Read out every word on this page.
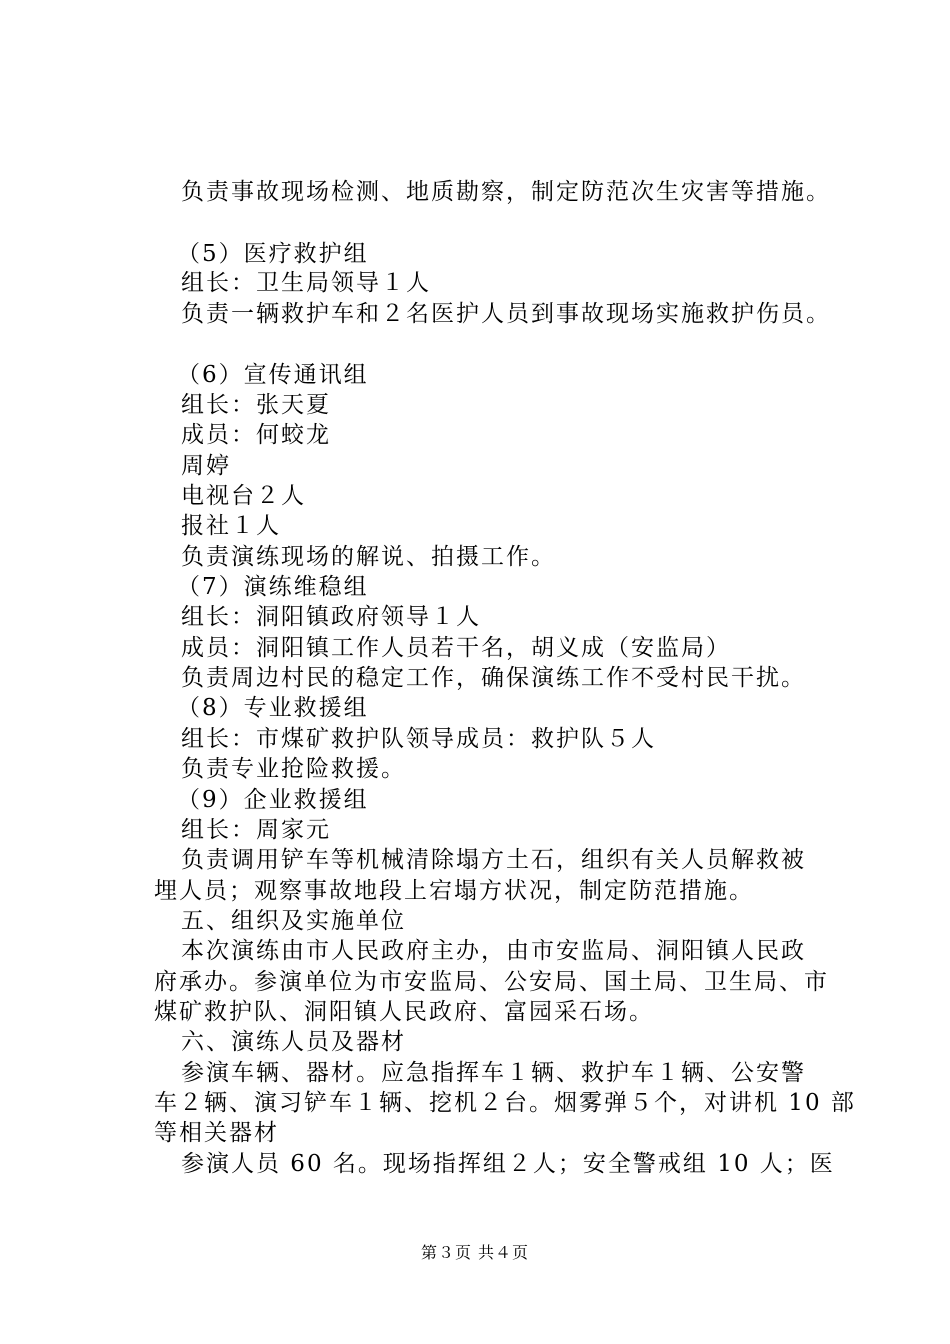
负责事故现场检测、地质勘察，制定防范次生灾害等措施。
（5）医疗救护组
组长：卫生局领导１人
负责一辆救护车和２名医护人员到事故现场实施救护伤员。
（6）宣传通讯组
组长：张天夏
成员：何蛟龙
周婷
电视台２人
报社１人
负责演练现场的解说、拍摄工作。
（7）演练维稳组
组长：洞阳镇政府领导１人
成员：洞阳镇工作人员若干名，胡义成（安监局）
负责周边村民的稳定工作，确保演练工作不受村民干扰。
（8）专业救援组
组长：市煤矿救护队领导成员：救护队５人
负责专业抢险救援。
（9）企业救援组
组长：周家元
负责调用铲车等机械清除塌方土石，组织有关人员解救被
埋人员；观察事故地段上宕塌方状况，制定防范措施。
五、组织及实施单位
本次演练由市人民政府主办，由市安监局、洞阳镇人民政
府承办。参演单位为市安监局、公安局、国土局、卫生局、市
煤矿救护队、洞阳镇人民政府、富园采石场。
六、演练人员及器材
参演车辆、器材。应急指挥车１辆、救护车１辆、公安警
车２辆、演习铲车１辆、挖机２台。烟雾弹５个，对讲机 10 部
等相关器材
参演人员 60 名。现场指挥组２人；安全警戒组 10 人；医
第３页 共４页
